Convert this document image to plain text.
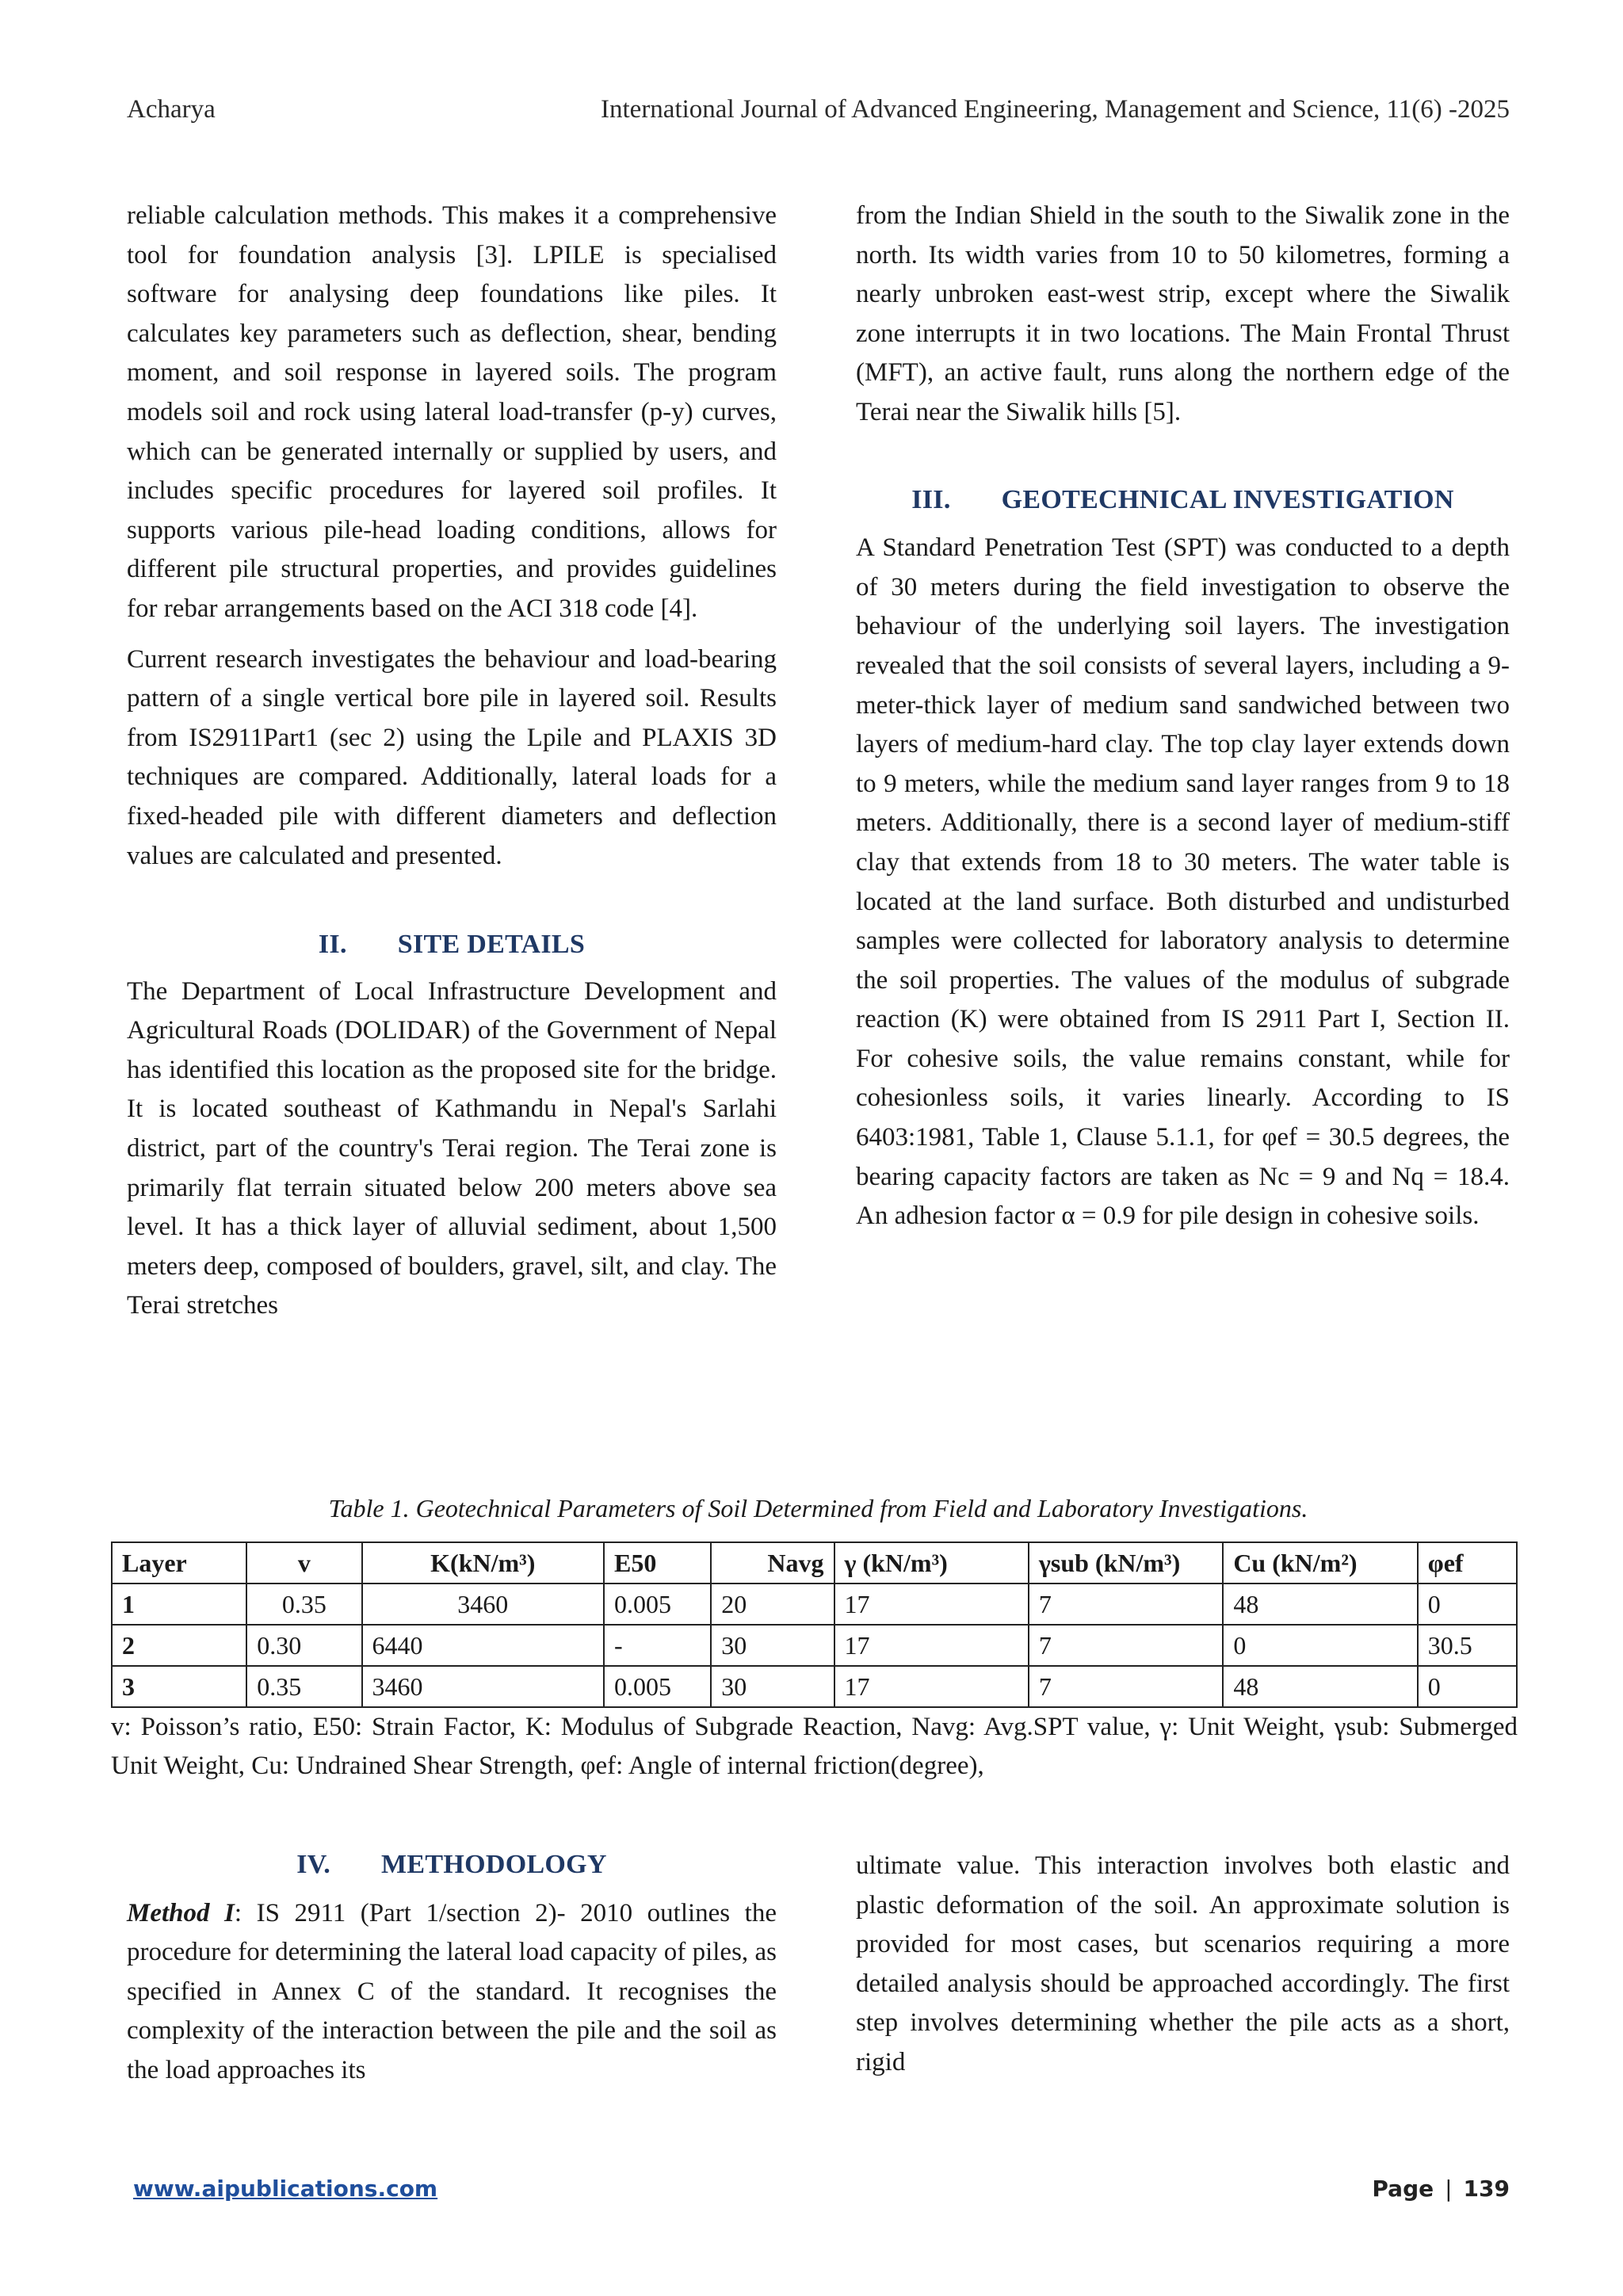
Acharya	International Journal of Advanced Engineering, Management and Science, 11(6) -2025

reliable calculation methods. This makes it a comprehensive tool for foundation analysis [3]. LPILE is specialised software for analysing deep foundations like piles. It calculates key parameters such as deflection, shear, bending moment, and soil response in layered soils. The program models soil and rock using lateral load-transfer (p-y) curves, which can be generated internally or supplied by users, and includes specific procedures for layered soil profiles. It supports various pile-head loading conditions, allows for different pile structural properties, and provides guidelines for rebar arrangements based on the ACI 318 code [4].

Current research investigates the behaviour and load-bearing pattern of a single vertical bore pile in layered soil. Results from IS2911Part1 (sec 2) using the Lpile and PLAXIS 3D techniques are compared. Additionally, lateral loads for a fixed-headed pile with different diameters and deflection values are calculated and presented.

II. SITE DETAILS

The Department of Local Infrastructure Development and Agricultural Roads (DOLIDAR) of the Government of Nepal has identified this location as the proposed site for the bridge. It is located southeast of Kathmandu in Nepal's Sarlahi district, part of the country's Terai region. The Terai zone is primarily flat terrain situated below 200 meters above sea level. It has a thick layer of alluvial sediment, about 1,500 meters deep, composed of boulders, gravel, silt, and clay. The Terai stretches

from the Indian Shield in the south to the Siwalik zone in the north. Its width varies from 10 to 50 kilometres, forming a nearly unbroken east-west strip, except where the Siwalik zone interrupts it in two locations. The Main Frontal Thrust (MFT), an active fault, runs along the northern edge of the Terai near the Siwalik hills [5].

III. GEOTECHNICAL INVESTIGATION

A Standard Penetration Test (SPT) was conducted to a depth of 30 meters during the field investigation to observe the behaviour of the underlying soil layers. The investigation revealed that the soil consists of several layers, including a 9-meter-thick layer of medium sand sandwiched between two layers of medium-hard clay. The top clay layer extends down to 9 meters, while the medium sand layer ranges from 9 to 18 meters. Additionally, there is a second layer of medium-stiff clay that extends from 18 to 30 meters. The water table is located at the land surface. Both disturbed and undisturbed samples were collected for laboratory analysis to determine the soil properties. The values of the modulus of subgrade reaction (K) were obtained from IS 2911 Part I, Section II. For cohesive soils, the value remains constant, while for cohesionless soils, it varies linearly. According to IS 6403:1981, Table 1, Clause 5.1.1, for φef = 30.5 degrees, the bearing capacity factors are taken as Nc = 9 and Nq = 18.4. An adhesion factor α = 0.9 for pile design in cohesive soils.

Table 1. Geotechnical Parameters of Soil Determined from Field and Laboratory Investigations.
Layer	v	K(kN/m³)	E50	Navg	γ (kN/m³)	γsub (kN/m³)	Cu (kN/m²)	φef
1	0.35	3460	0.005	20	17	7	48	0
2	0.30	6440	-	30	17	7	0	30.5
3	0.35	3460	0.005	30	17	7	48	0
v: Poisson’s ratio, E50: Strain Factor, K: Modulus of Subgrade Reaction, Navg: Avg.SPT value, γ: Unit Weight, γsub: Submerged Unit Weight, Cu: Undrained Shear Strength, φef: Angle of internal friction(degree),
IV. METHODOLOGY

Method I: IS 2911 (Part 1/section 2)- 2010 outlines the procedure for determining the lateral load capacity of piles, as specified in Annex C of the standard. It recognises the complexity of the interaction between the pile and the soil as the load approaches its

ultimate value. This interaction involves both elastic and plastic deformation of the soil. An approximate solution is provided for most cases, but scenarios requiring a more detailed analysis should be approached accordingly. The first step involves determining whether the pile acts as a short, rigid

www.aipublications.com	Page | 139
